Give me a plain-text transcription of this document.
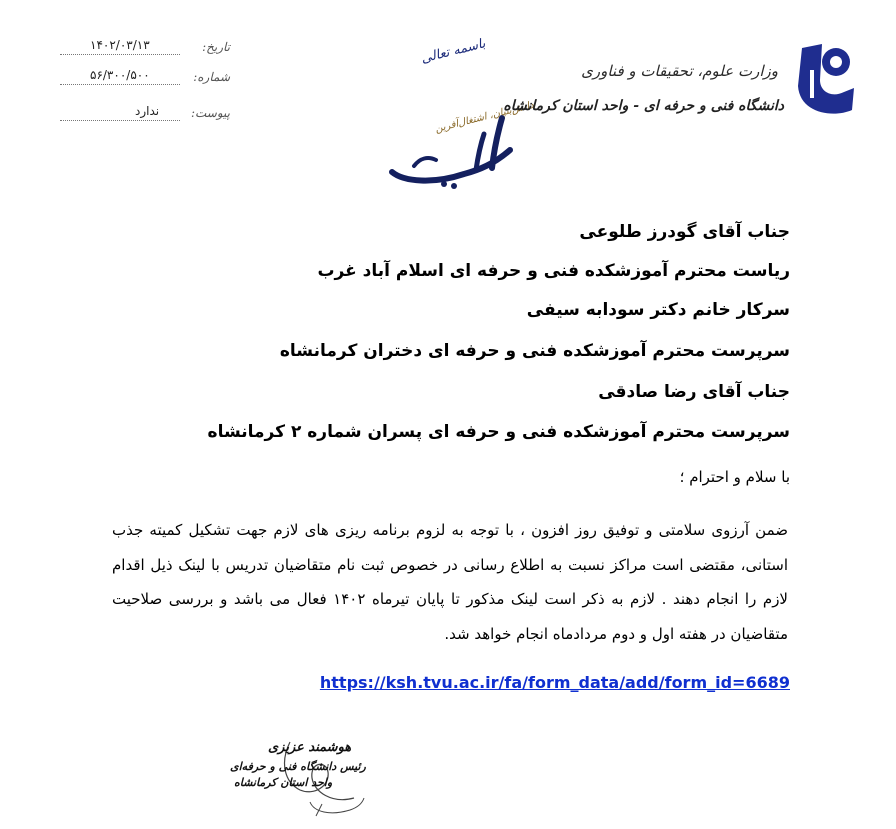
تاریخ:
۱۴۰۲/۰۳/۱۳
شماره:
۵۶/۳۰۰/۵۰۰
پیوست:
ندارد
باسمه تعالی
دانش‌بنیان، اشتغال‌آفرین
وزارت علوم، تحقیقات و فناوری
دانشگاه فنی و حرفه ای - واحد استان کرمانشاه
جناب آقای گودرز طلوعی
ریاست محترم آموزشکده فنی و حرفه ای اسلام آباد غرب
سرکار خانم دکتر سودابه سیفی
سرپرست محترم آموزشکده فنی و حرفه ای دختران کرمانشاه
جناب آقای رضا صادقی
سرپرست محترم آموزشکده فنی و حرفه ای پسران شماره ۲ کرمانشاه
با سلام و احترام ؛
ضمن آرزوی سلامتی و توفیق روز افزون ، با توجه به لزوم برنامه ریزی های لازم جهت تشکیل کمیته جذب استانی، مقتضی است مراکز نسبت به اطلاع رسانی در خصوص ثبت نام متقاضیان تدریس با لینک ذیل اقدام لازم را انجام دهند . لازم به ذکر است لینک مذکور تا پایان تیرماه ۱۴۰۲ فعال می باشد و بررسی صلاحیت متقاضیان در هفته اول و دوم مردادماه انجام خواهد شد.
https://ksh.tvu.ac.ir/fa/form_data/add/form_id=6689
هوشمند عزیزی
رئیس دانشگاه فنی و حرفه‌ای
واحد استان کرمانشاه
